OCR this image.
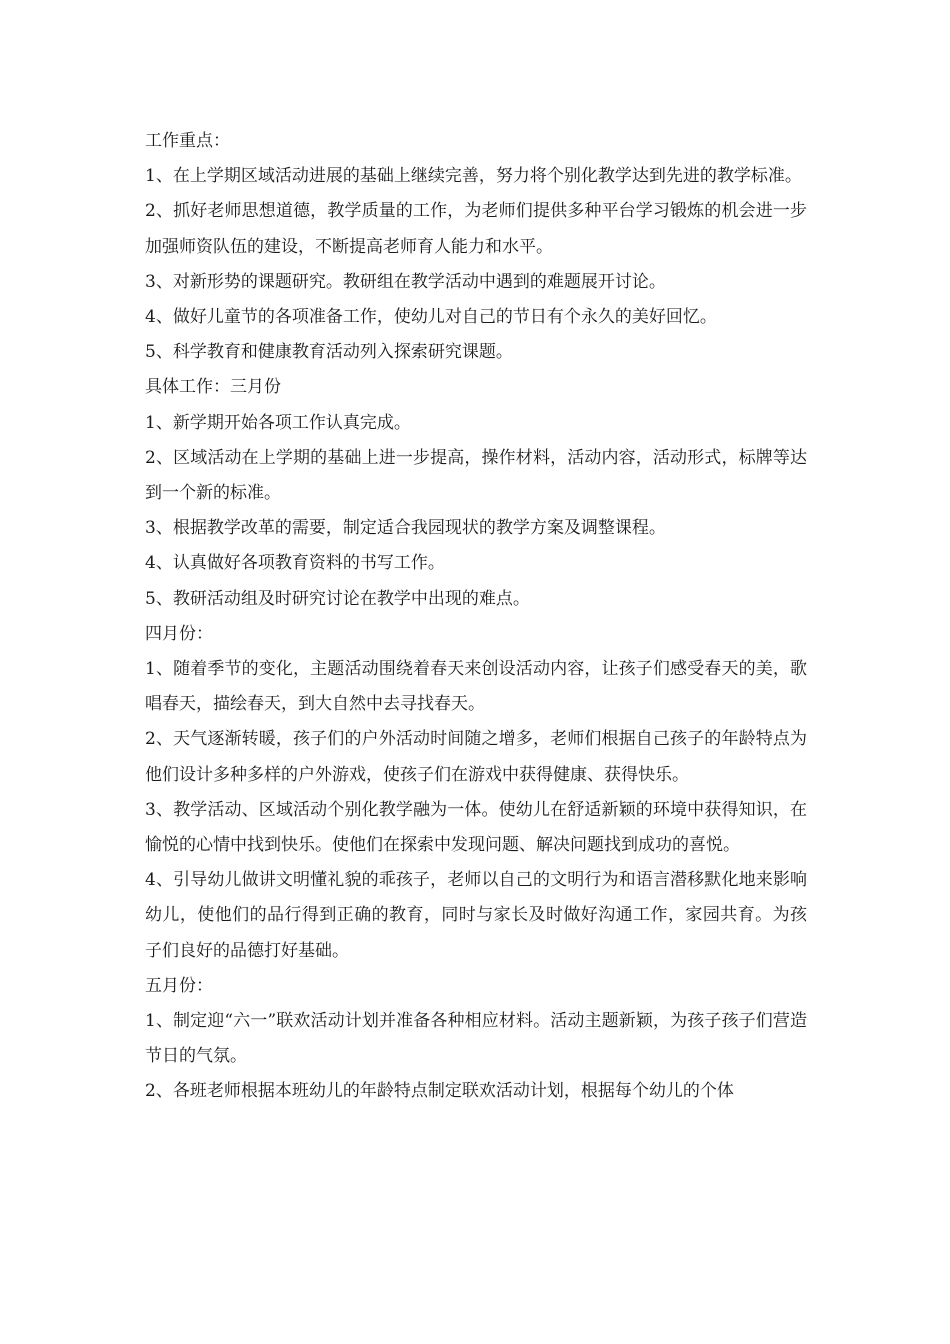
工作重点：

1、在上学期区域活动进展的基础上继续完善，努力将个别化教学达到先进的教学标准。

2、抓好老师思想道德，教学质量的工作，为老师们提供多种平台学习锻炼的机会进一步加强师资队伍的建设，不断提高老师育人能力和水平。

3、对新形势的课题研究。教研组在教学活动中遇到的难题展开讨论。

4、做好儿童节的各项准备工作，使幼儿对自己的节日有个永久的美好回忆。

5、科学教育和健康教育活动列入探索研究课题。

具体工作：三月份

1、新学期开始各项工作认真完成。

2、区域活动在上学期的基础上进一步提高，操作材料，活动内容，活动形式，标牌等达到一个新的标准。

3、根据教学改革的需要，制定适合我园现状的教学方案及调整课程。

4、认真做好各项教育资料的书写工作。

5、教研活动组及时研究讨论在教学中出现的难点。

四月份：

1、随着季节的变化，主题活动围绕着春天来创设活动内容，让孩子们感受春天的美，歌唱春天，描绘春天，到大自然中去寻找春天。

2、天气逐渐转暖，孩子们的户外活动时间随之增多，老师们根据自己孩子的年龄特点为他们设计多种多样的户外游戏，使孩子们在游戏中获得健康、获得快乐。

3、教学活动、区域活动个别化教学融为一体。使幼儿在舒适新颖的环境中获得知识，在愉悦的心情中找到快乐。使他们在探索中发现问题、解决问题找到成功的喜悦。

4、引导幼儿做讲文明懂礼貌的乖孩子，老师以自己的文明行为和语言潜移默化地来影响幼儿，使他们的品行得到正确的教育，同时与家长及时做好沟通工作，家园共育。为孩子们良好的品德打好基础。

五月份：

1、制定迎“六一”联欢活动计划并准备各种相应材料。活动主题新颖，为孩子孩子们营造节日的气氛。

2、各班老师根据本班幼儿的年龄特点制定联欢活动计划，根据每个幼儿的个体
